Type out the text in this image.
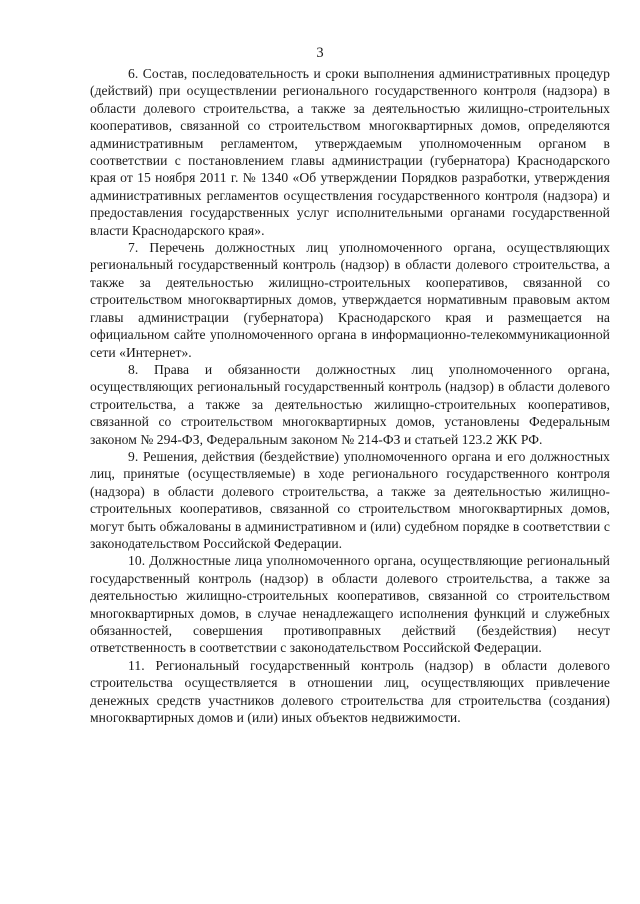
3

6. Состав, последовательность и сроки выполнения административных процедур (действий) при осуществлении регионального государственного контроля (надзора) в области долевого строительства, а также за деятельностью жилищно-строительных кооперативов, связанной со строительством многоквартирных домов, определяются административным регламентом, утверждаемым уполномоченным органом в соответствии с постановлением главы администрации (губернатора) Краснодарского края от 15 ноября 2011 г. № 1340 «Об утверждении Порядков разработки, утверждения административных регламентов осуществления государственного контроля (надзора) и предоставления государственных услуг исполнительными органами государственной власти Краснодарского края».

7. Перечень должностных лиц уполномоченного органа, осуществляющих региональный государственный контроль (надзор) в области долевого строительства, а также за деятельностью жилищно-строительных кооперативов, связанной со строительством многоквартирных домов, утверждается нормативным правовым актом главы администрации (губернатора) Краснодарского края и размещается на официальном сайте уполномоченного органа в информационно-телекоммуникационной сети «Интернет».

8. Права и обязанности должностных лиц уполномоченного органа, осуществляющих региональный государственный контроль (надзор) в области долевого строительства, а также за деятельностью жилищно-строительных кооперативов, связанной со строительством многоквартирных домов, установлены Федеральным законом № 294-ФЗ, Федеральным законом № 214-ФЗ и статьей 123.2 ЖК РФ.

9. Решения, действия (бездействие) уполномоченного органа и его должностных лиц, принятые (осуществляемые) в ходе регионального государственного контроля (надзора) в области долевого строительства, а также за деятельностью жилищно-строительных кооперативов, связанной со строительством многоквартирных домов, могут быть обжалованы в административном и (или) судебном порядке в соответствии с законодательством Российской Федерации.

10. Должностные лица уполномоченного органа, осуществляющие региональный государственный контроль (надзор) в области долевого строительства, а также за деятельностью жилищно-строительных кооперативов, связанной со строительством многоквартирных домов, в случае ненадлежащего исполнения функций и служебных обязанностей, совершения противоправных действий (бездействия) несут ответственность в соответствии с законодательством Российской Федерации.

11. Региональный государственный контроль (надзор) в области долевого строительства осуществляется в отношении лиц, осуществляющих привлечение денежных средств участников долевого строительства для строительства (создания) многоквартирных домов и (или) иных объектов недвижимости.
